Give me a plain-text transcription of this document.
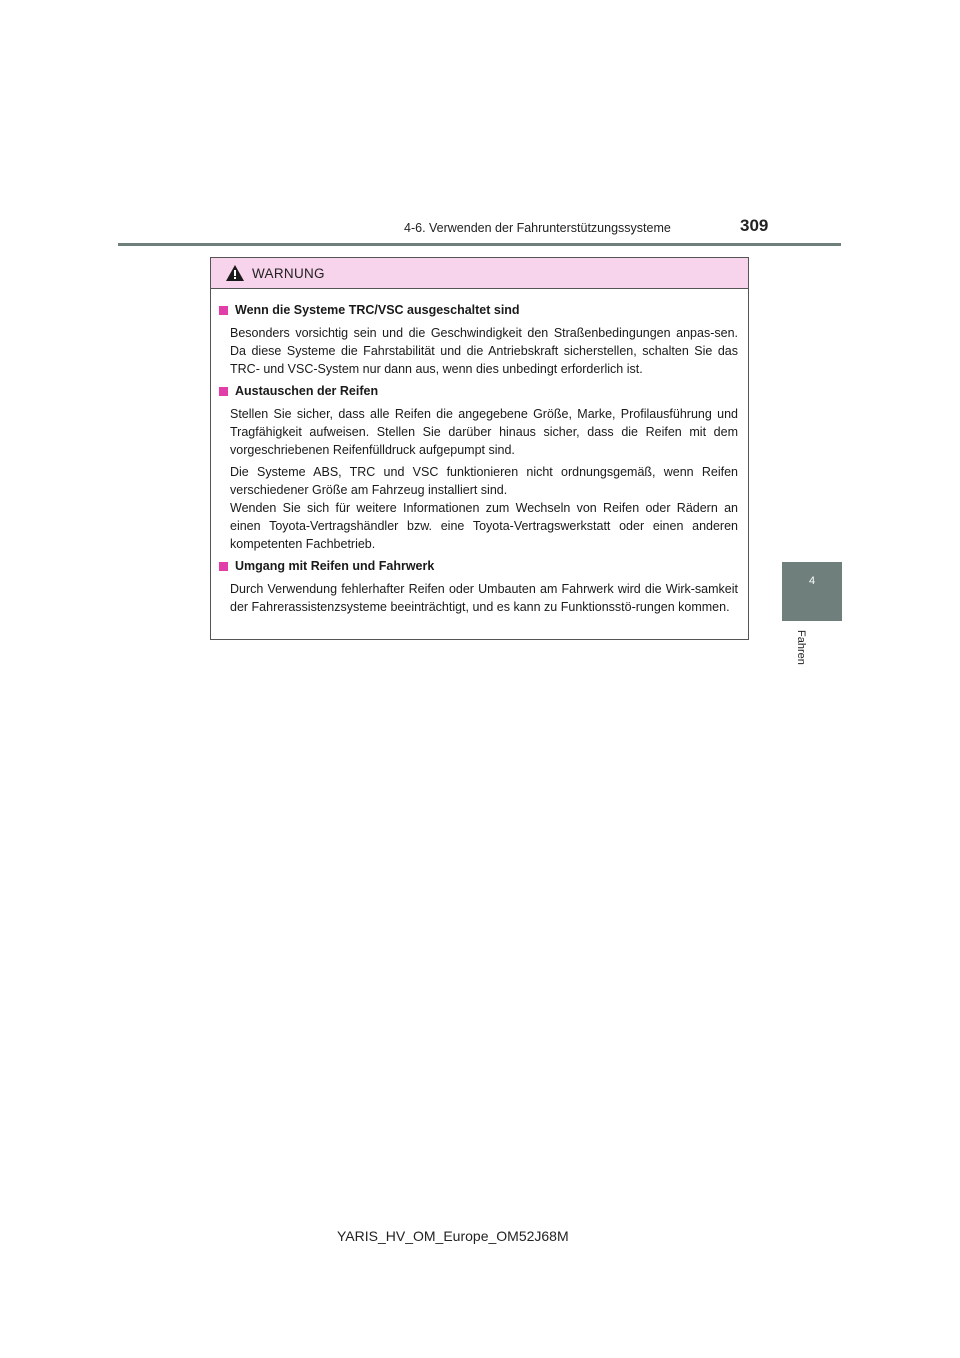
4-6. Verwenden der Fahrunterstützungssysteme	309
4
Fahren
WARNUNG
Wenn die Systeme TRC/VSC ausgeschaltet sind
Besonders vorsichtig sein und die Geschwindigkeit den Straßenbedingungen anpas-sen. Da diese Systeme die Fahrstabilität und die Antriebskraft sicherstellen, schalten Sie das TRC- und VSC-System nur dann aus, wenn dies unbedingt erforderlich ist.
Austauschen der Reifen
Stellen Sie sicher, dass alle Reifen die angegebene Größe, Marke, Profilausführung und Tragfähigkeit aufweisen. Stellen Sie darüber hinaus sicher, dass die Reifen mit dem vorgeschriebenen Reifenfülldruck aufgepumpt sind.
Die Systeme ABS, TRC und VSC funktionieren nicht ordnungsgemäß, wenn Reifen verschiedener Größe am Fahrzeug installiert sind.
Wenden Sie sich für weitere Informationen zum Wechseln von Reifen oder Rädern an einen Toyota-Vertragshändler bzw. eine Toyota-Vertragswerkstatt oder einen anderen kompetenten Fachbetrieb.
Umgang mit Reifen und Fahrwerk
Durch Verwendung fehlerhafter Reifen oder Umbauten am Fahrwerk wird die Wirk-samkeit der Fahrerassistenzsysteme beeinträchtigt, und es kann zu Funktionsstö-rungen kommen.
YARIS_HV_OM_Europe_OM52J68M
